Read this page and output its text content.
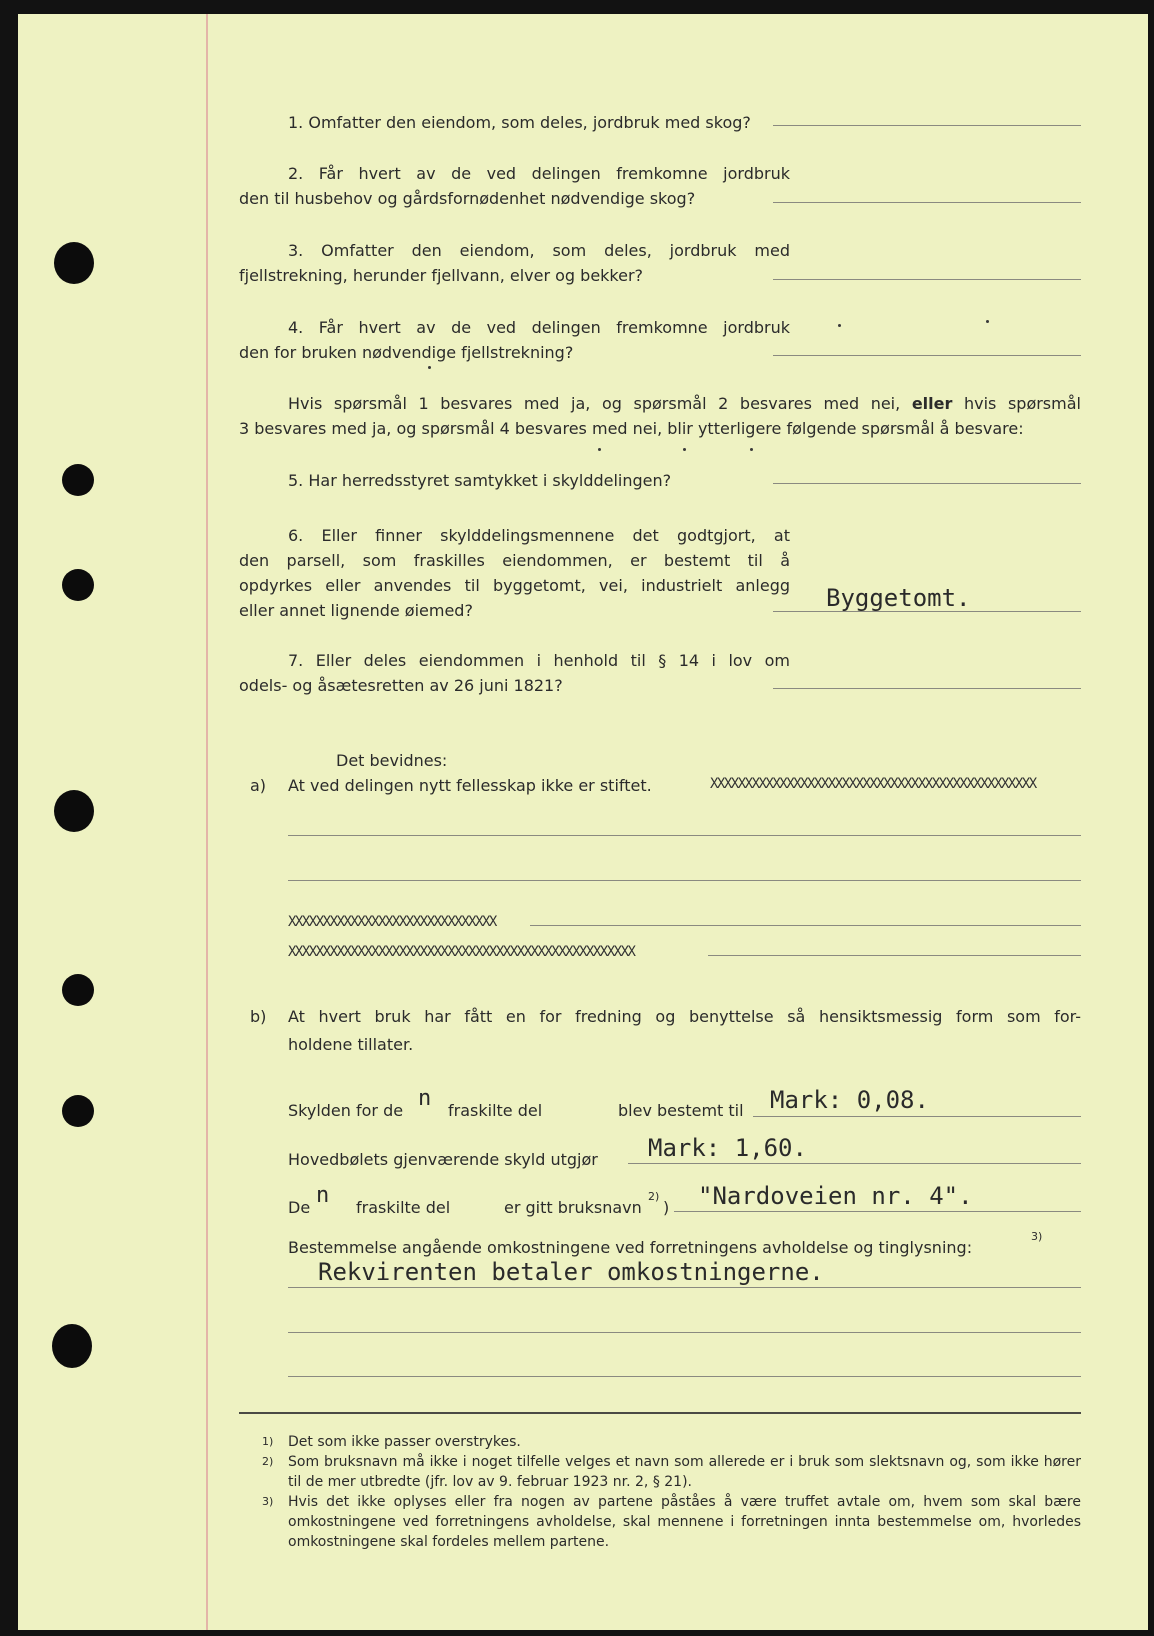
1. Omfatter den eiendom, som deles, jordbruk med skog?
2. Får hvert av de ved delingen fremkomne jordbruk
den til husbehov og gårdsfornødenhet nødvendige skog?
3. Omfatter den eiendom, som deles, jordbruk med
fjellstrekning, herunder fjellvann, elver og bekker?
4. Får hvert av de ved delingen fremkomne jordbruk
den for bruken nødvendige fjellstrekning?
Hvis spørsmål 1 besvares med ja, og spørsmål 2 besvares med nei, eller hvis spørsmål
3 besvares med ja, og spørsmål 4 besvares med nei, blir ytterligere følgende spørsmål å besvare:
5. Har herredsstyret samtykket i skylddelingen?
6. Eller finner skylddelingsmennene det godtgjort, at
den parsell, som fraskilles eiendommen, er bestemt til å
opdyrkes eller anvendes til byggetomt, vei, industrielt anlegg
eller annet lignende øiemed?	Byggetomt.
7. Eller deles eiendommen i henhold til § 14 i lov om
odels- og åsætesretten av 26 juni 1821?
Det bevidnes:
a) At ved delingen nytt fellesskap ikke er stiftet.	XXXXXXXXXXXXXXXXXXXXXXXXXXXXXXXXXXXXXXXXXXXXXXX
XXXXXXXXXXXXXXXXXXXXXXXXXXXXXX
XXXXXXXXXXXXXXXXXXXXXXXXXXXXXXXXXXXXXXXXXXXXXXXXXX
b) At hvert bruk har fått en for fredning og benyttelse så hensiktsmessig form som for-
holdene tillater.
Skylden for de n fraskilte del	blev bestemt til Mark: 0,08.
Hovedbølets gjenværende skyld utgjør Mark: 1,60.
De n fraskilte del	er gitt bruksnavn
2)
) "Nardoveien nr. 4".
Bestemmelse angående omkostningene ved forretningens avholdelse og tinglysning:
3)
Rekvirenten betaler omkostningerne.
1) Det som ikke passer overstrykes.
2) Som bruksnavn må ikke i noget tilfelle velges et navn som allerede er i bruk som slektsnavn og, som ikke hører til de mer utbredte (jfr. lov av 9. februar 1923 nr. 2, § 21).
3) Hvis det ikke oplyses eller fra nogen av partene påståes å være truffet avtale om, hvem som skal bære omkostningene ved forretningens avholdelse, skal mennene i forretningen innta bestemmelse om, hvorledes omkostningene skal fordeles mellem partene.
